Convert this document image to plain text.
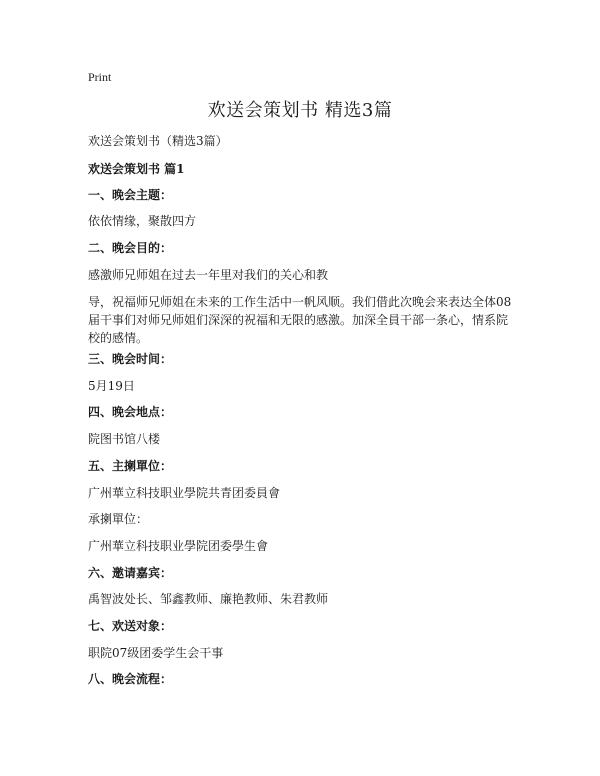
Print
欢送会策划书 精选3篇

欢送会策划书（精选3篇）

欢送会策划书 篇1

一、晚会主题：

依依情缘，聚散四方

二、晚会目的：

感激师兄师姐在过去一年里对我们的关心和教

导，祝福师兄师姐在未来的工作生活中一帆风顺。我们借此次晚会来表达全体08届干事们对师兄师姐们深深的祝福和无限的感激。加深全員干部一条心，情系院校的感情。

三、晚会时间：

5月19日

四、晚会地点：

院图书馆八楼

五、主揦單位：

广州華立科技职业學院共青团委員會

承揦單位：

广州華立科技职业學院团委學生會

六、邀请嘉宾：

禹智波处长、邹鑫教师、廉艳教师、朱君教师

七、欢送对象：

职院07级团委学生会干事

八、晚会流程：
